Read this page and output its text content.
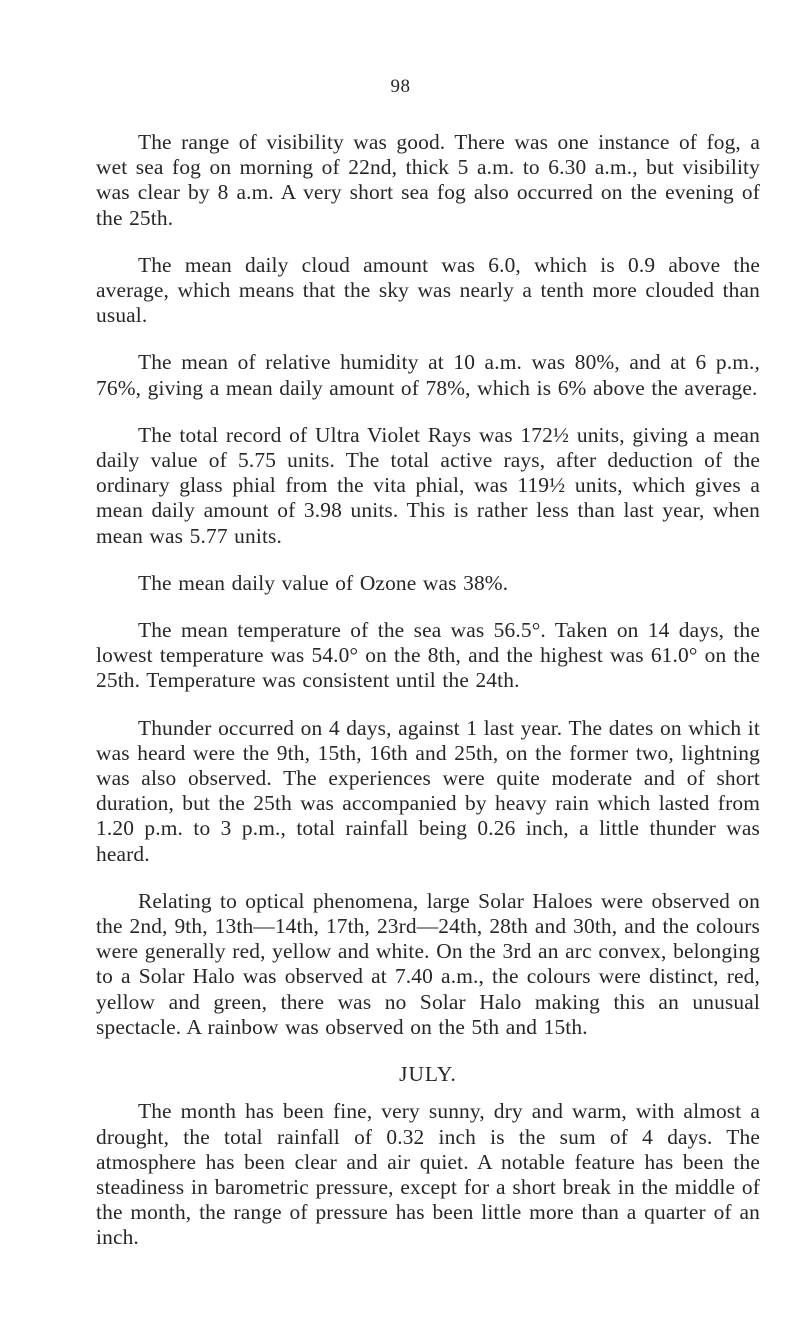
98

The range of visibility was good. There was one instance of fog, a wet sea fog on morning of 22nd, thick 5 a.m. to 6.30 a.m., but visibility was clear by 8 a.m. A very short sea fog also occurred on the evening of the 25th.

The mean daily cloud amount was 6.0, which is 0.9 above the average, which means that the sky was nearly a tenth more clouded than usual.

The mean of relative humidity at 10 a.m. was 80%, and at 6 p.m., 76%, giving a mean daily amount of 78%, which is 6% above the average.

The total record of Ultra Violet Rays was 172½ units, giving a mean daily value of 5.75 units. The total active rays, after deduction of the ordinary glass phial from the vita phial, was 119½ units, which gives a mean daily amount of 3.98 units. This is rather less than last year, when mean was 5.77 units.

The mean daily value of Ozone was 38%.

The mean temperature of the sea was 56.5°. Taken on 14 days, the lowest temperature was 54.0° on the 8th, and the highest was 61.0° on the 25th. Temperature was consistent until the 24th.

Thunder occurred on 4 days, against 1 last year. The dates on which it was heard were the 9th, 15th, 16th and 25th, on the former two, lightning was also observed. The experiences were quite moderate and of short duration, but the 25th was accompanied by heavy rain which lasted from 1.20 p.m. to 3 p.m., total rainfall being 0.26 inch, a little thunder was heard.

Relating to optical phenomena, large Solar Haloes were observed on the 2nd, 9th, 13th—14th, 17th, 23rd—24th, 28th and 30th, and the colours were generally red, yellow and white. On the 3rd an arc convex, belonging to a Solar Halo was observed at 7.40 a.m., the colours were distinct, red, yellow and green, there was no Solar Halo making this an unusual spectacle. A rainbow was observed on the 5th and 15th.

JULY.

The month has been fine, very sunny, dry and warm, with almost a drought, the total rainfall of 0.32 inch is the sum of 4 days. The atmosphere has been clear and air quiet. A notable feature has been the steadiness in barometric pressure, except for a short break in the middle of the month, the range of pressure has been little more than a quarter of an inch.
